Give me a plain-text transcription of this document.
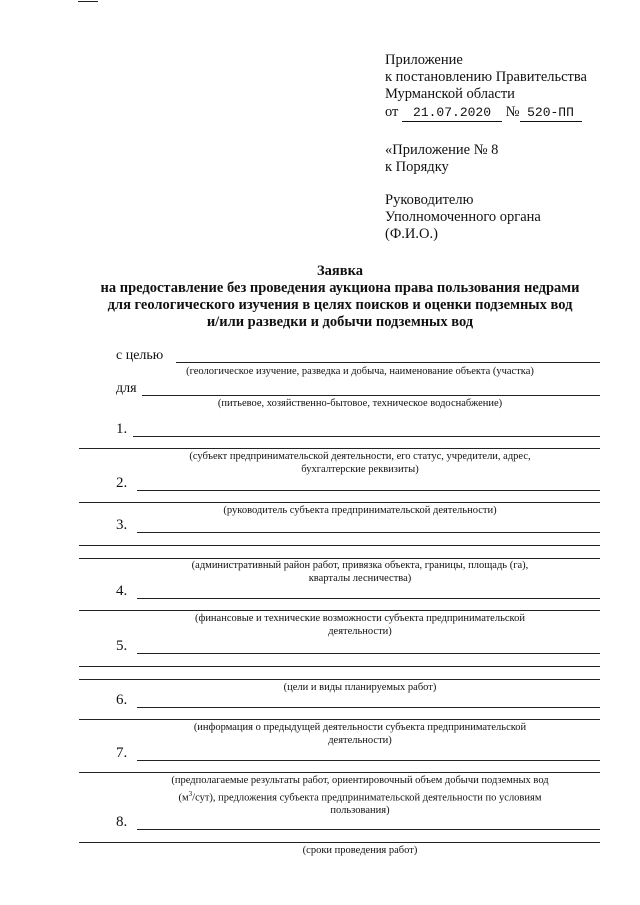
Приложение
к постановлению Правительства
Мурманской области
от 21.07.2020 № 520-ПП
«Приложение № 8
к Порядку
Руководителю
Уполномоченного органа
(Ф.И.О.)
Заявка
на предоставление без проведения аукциона права пользования недрами
для геологического изучения в целях поисков и оценки подземных вод
и/или разведки и добычи подземных вод
с целью
(геологическое изучение, разведка и добыча, наименование объекта (участка)
для
(питьевое, хозяйственно-бытовое, техническое водоснабжение)
1.
(субъект предпринимательской деятельности, его статус, учредители, адрес,
бухгалтерские реквизиты)
2.
(руководитель субъекта предпринимательской деятельности)
3.
(административный район работ, привязка объекта, границы, площадь (га),
кварталы лесничества)
4.
(финансовые и технические возможности субъекта предпринимательской
деятельности)
5.
(цели и виды планируемых работ)
6.
(информация о предыдущей деятельности субъекта предпринимательской
деятельности)
7.
(предполагаемые результаты работ, ориентировочный объем добычи подземных вод
$(м^3/сут)$, предложения субъекта предпринимательской деятельности по условиям
пользования)
8.
(сроки проведения работ)
